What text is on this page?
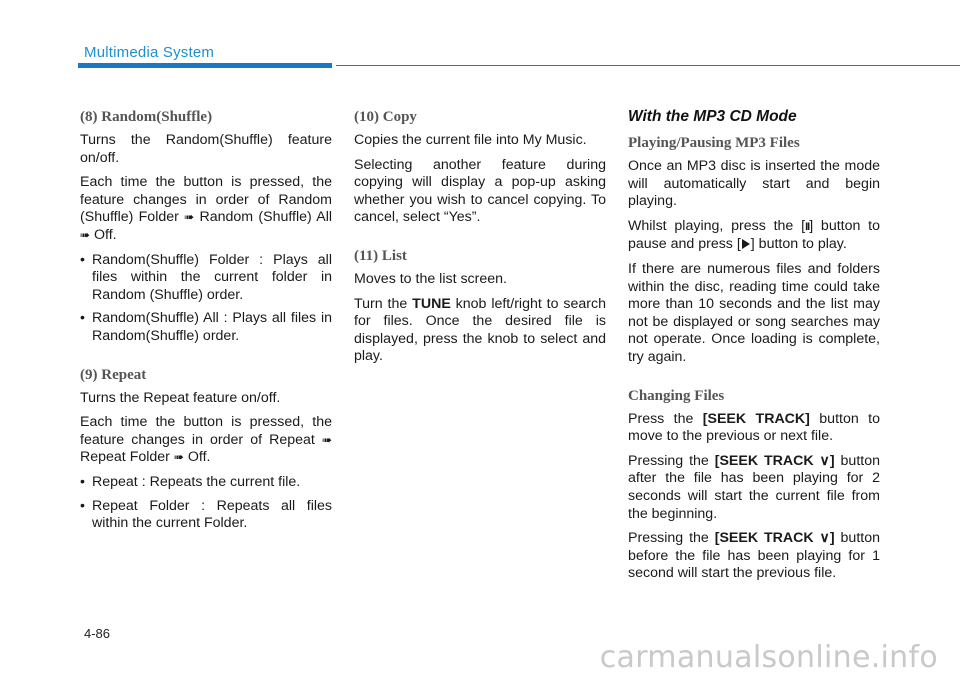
Multimedia System
(8) Random(Shuffle)

Turns the Random(Shuffle) feature on/off.

Each time the button is pressed, the feature changes in order of Random (Shuffle) Folder ➠ Random (Shuffle) All ➠ Off.

• Random(Shuffle) Folder : Plays all files within the current folder in Random (Shuffle) order.
• Random(Shuffle) All : Plays all files in Random(Shuffle) order.
(9) Repeat

Turns the Repeat feature on/off.

Each time the button is pressed, the feature changes in order of Repeat ➠ Repeat Folder ➠ Off.

• Repeat : Repeats the current file.
• Repeat Folder : Repeats all files within the current Folder.
(10) Copy

Copies the current file into My Music.

Selecting another feature during copying will display a pop-up asking whether you wish to cancel copying. To cancel, select “Yes”.

(11) List

Moves to the list screen.

Turn the TUNE knob left/right to search for files. Once the desired file is displayed, press the knob to select and play.

With the MP3 CD Mode
Playing/Pausing MP3 Files

Once an MP3 disc is inserted the mode will automatically start and begin playing.

Whilst playing, press the [II] button to pause and press [ ] button to play.

If there are numerous files and folders within the disc, reading time could take more than 10 seconds and the list may not be displayed or song searches may not operate. Once loading is complete, try again.

Changing Files

Press the [SEEK TRACK] button to move to the previous or next file.

Pressing the [SEEK TRACK ∨] button after the file has been playing for 2 seconds will start the current file from the beginning.

Pressing the [SEEK TRACK ∨] button before the file has been playing for 1 second will start the previous file.

4-86
carmanualsonline.info
